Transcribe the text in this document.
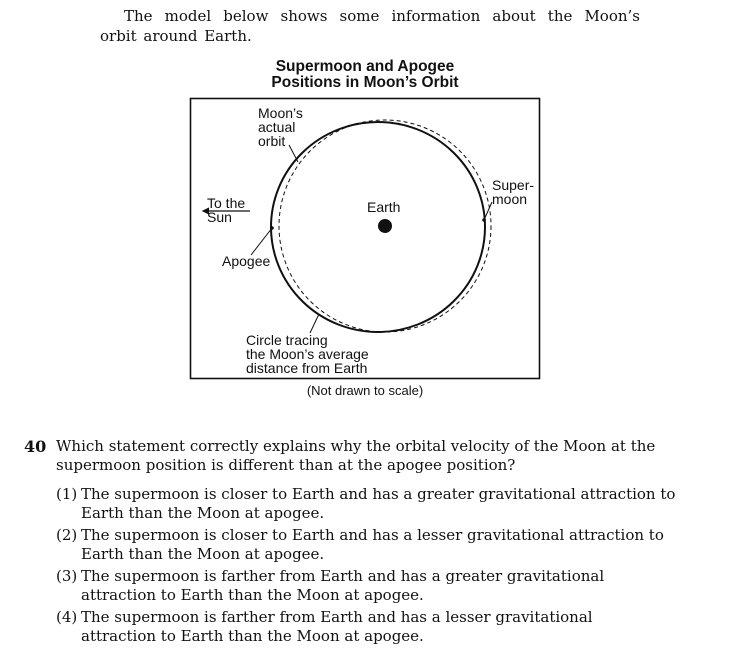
The model below shows some information about the Moon’s orbit around Earth.

Supermoon and Apogee
Positions in Moon’s Orbit
Moon’s
actual
orbit
Super-
moon
To the
Sun
Earth
Apogee
Circle tracing
the Moon’s average
distance from Earth
(Not drawn to scale)
40 Which statement correctly explains why the orbital velocity of the Moon at the supermoon position is different than at the apogee position?
(1) The supermoon is closer to Earth and has a greater gravitational attraction to
Earth than the Moon at apogee.
(2) The supermoon is closer to Earth and has a lesser gravitational attraction to
Earth than the Moon at apogee.
(3) The supermoon is farther from Earth and has a greater gravitational
attraction to Earth than the Moon at apogee.
(4) The supermoon is farther from Earth and has a lesser gravitational
attraction to Earth than the Moon at apogee.
